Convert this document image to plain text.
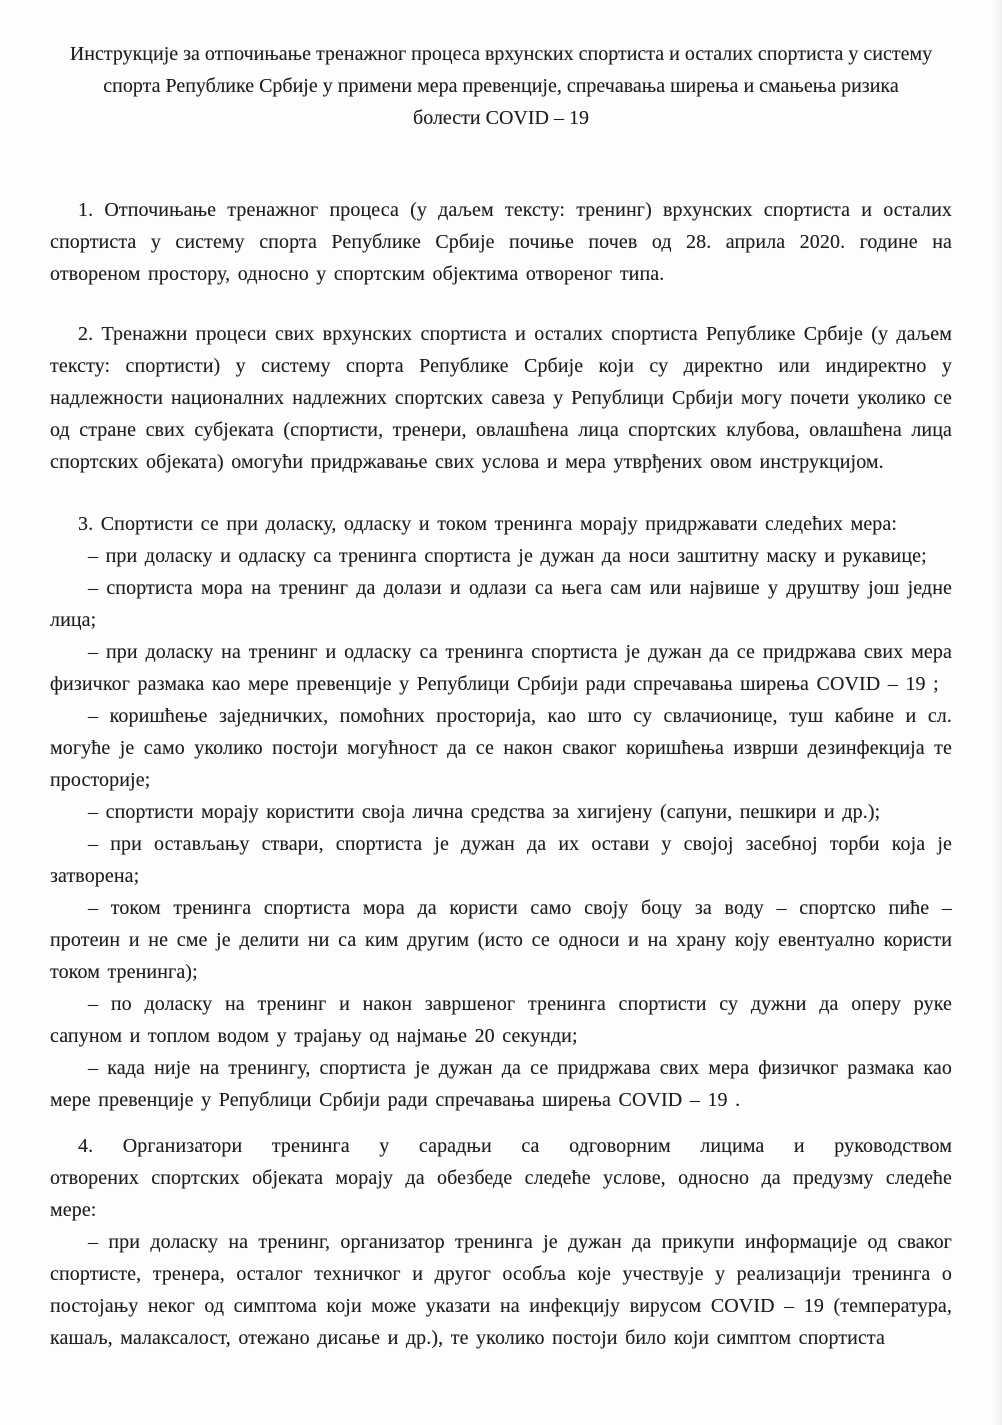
Инструкције за отпочињање тренажног процеса врхунских спортиста и осталих спортиста у систему спорта Републике Србије у примени мера превенције, спречавања ширења и смањења ризика болести COVID – 19

1. Отпочињање тренажног процеса (у даљем тексту: тренинг) врхунских спортиста и осталих спортиста у систему спорта Републике Србије почиње почев од 28. априла 2020. године на отвореном простору, односно у спортским објектима отвореног типа.

2. Тренажни процеси свих врхунских спортиста и осталих спортиста Републике Србије (у даљем тексту: спортисти) у систему спорта Републике Србије који су директно или индиректно у надлежности националних надлежних спортских савеза у Републици Србији могу почети уколико се од стране свих субјеката (спортисти, тренери, овлашћена лица спортских клубова, овлашћена лица спортских објеката) омогући придржавање свих услова и мера утврђених овом инструкцијом.

3. Спортисти се при доласку, одласку и током тренинга морају придржавати следећих мера:

– при доласку и одласку са тренинга спортиста је дужан да носи заштитну маску и рукавице;

– спортиста мора на тренинг да долази и одлази са њега сам или највише у друштву још једне лица;

– при доласку на тренинг и одласку са тренинга спортиста је дужан да се придржава свих мера физичког размака као мере превенције у Републици Србији ради спречавања ширења COVID – 19 ;

– коришћење заједничких, помоћних просторија, као што су свлачионице, туш кабине и сл. могуће је само уколико постоји могућност да се након сваког коришћења изврши дезинфекција те просторије;

– спортисти морају користити своја лична средства за хигијену (сапуни, пешкири и др.);

– при остављању ствари, спортиста је дужан да их остави у својој засебној торби која је затворена;

– током тренинга спортиста мора да користи само своју боцу за воду – спортско пиће – протеин и не сме је делити ни са ким другим (исто се односи и на храну коју евентуално користи током тренинга);

– по доласку на тренинг и након завршеног тренинга спортисти су дужни да оперу руке сапуном и топлом водом у трајању од најмање 20 секунди;

– када није на тренингу, спортиста је дужан да се придржава свих мера физичког размака као мере превенције у Републици Србији ради спречавања ширења COVID – 19 .

4. Организатори тренинга у сарадњи са одговорним лицима и руководством

отворених спортских објеката морају да обезбеде следеће услове, односно да предузму следеће мере:

– при доласку на тренинг, организатор тренинга је дужан да прикупи информације од сваког спортисте, тренера, осталог техничког и другог особља које учествује у реализацији тренинга о постојању неког од симптома који може указати на инфекцију вирусом COVID – 19 (температура, кашаљ, малаксалост, отежано дисање и др.), те уколико постоји било који симптом спортиста
